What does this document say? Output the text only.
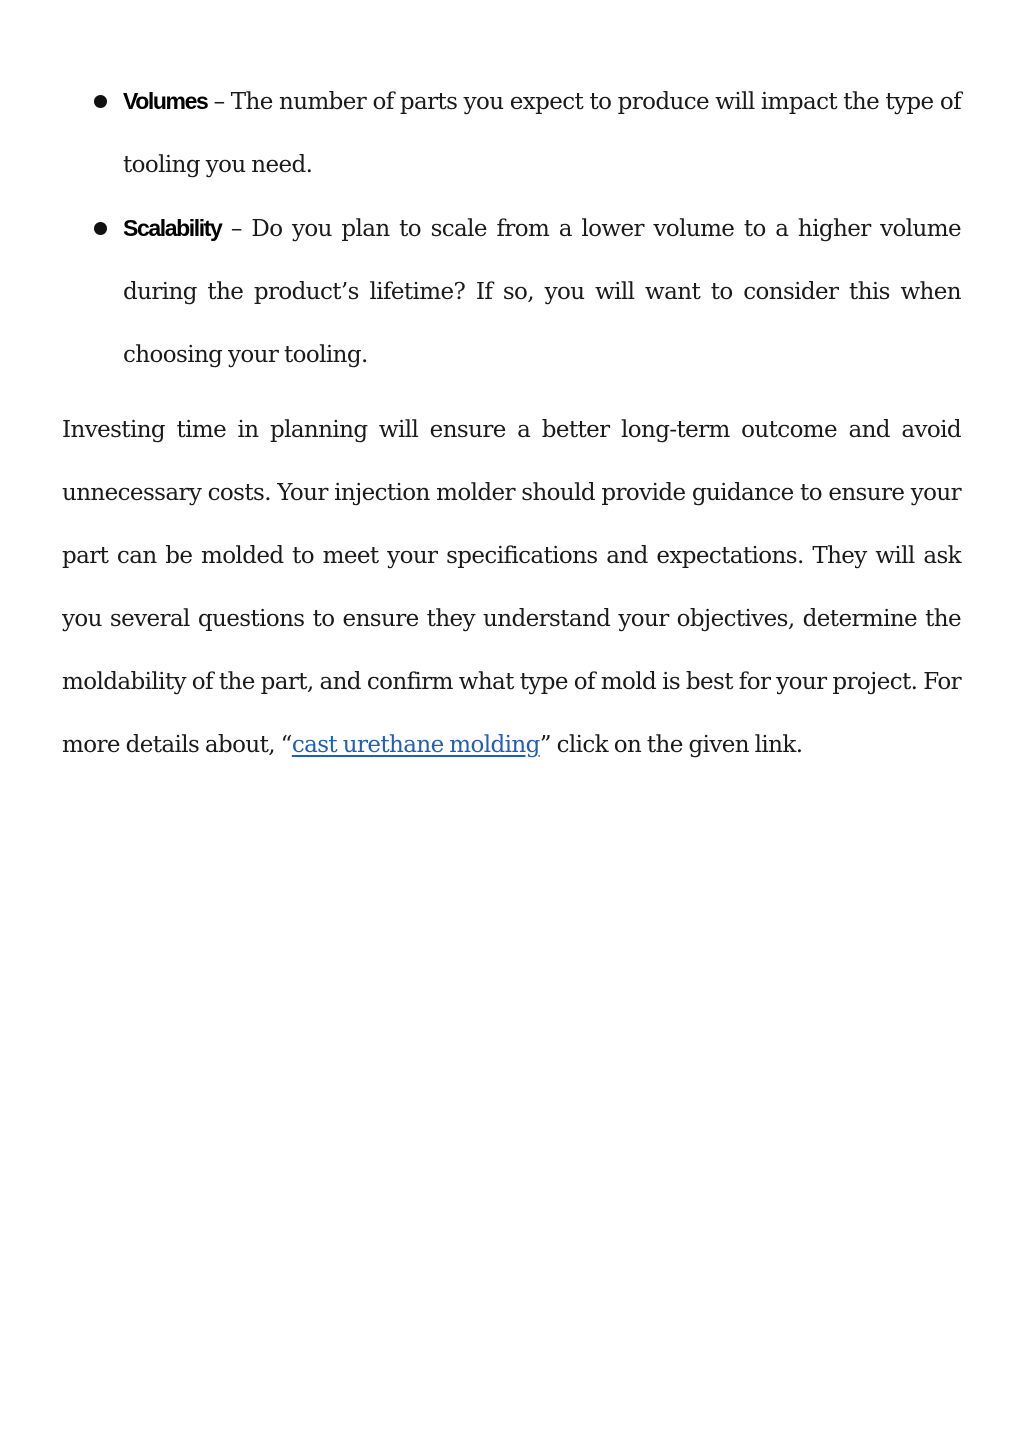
Volumes – The number of parts you expect to produce will impact the type of tooling you need.
Scalability – Do you plan to scale from a lower volume to a higher volume during the product’s lifetime? If so, you will want to consider this when choosing your tooling.

Investing time in planning will ensure a better long-term outcome and avoid unnecessary costs. Your injection molder should provide guidance to ensure your part can be molded to meet your specifications and expectations. They will ask you several questions to ensure they understand your objectives, determine the moldability of the part, and confirm what type of mold is best for your project. For more details about, “cast urethane molding” click on the given link.
